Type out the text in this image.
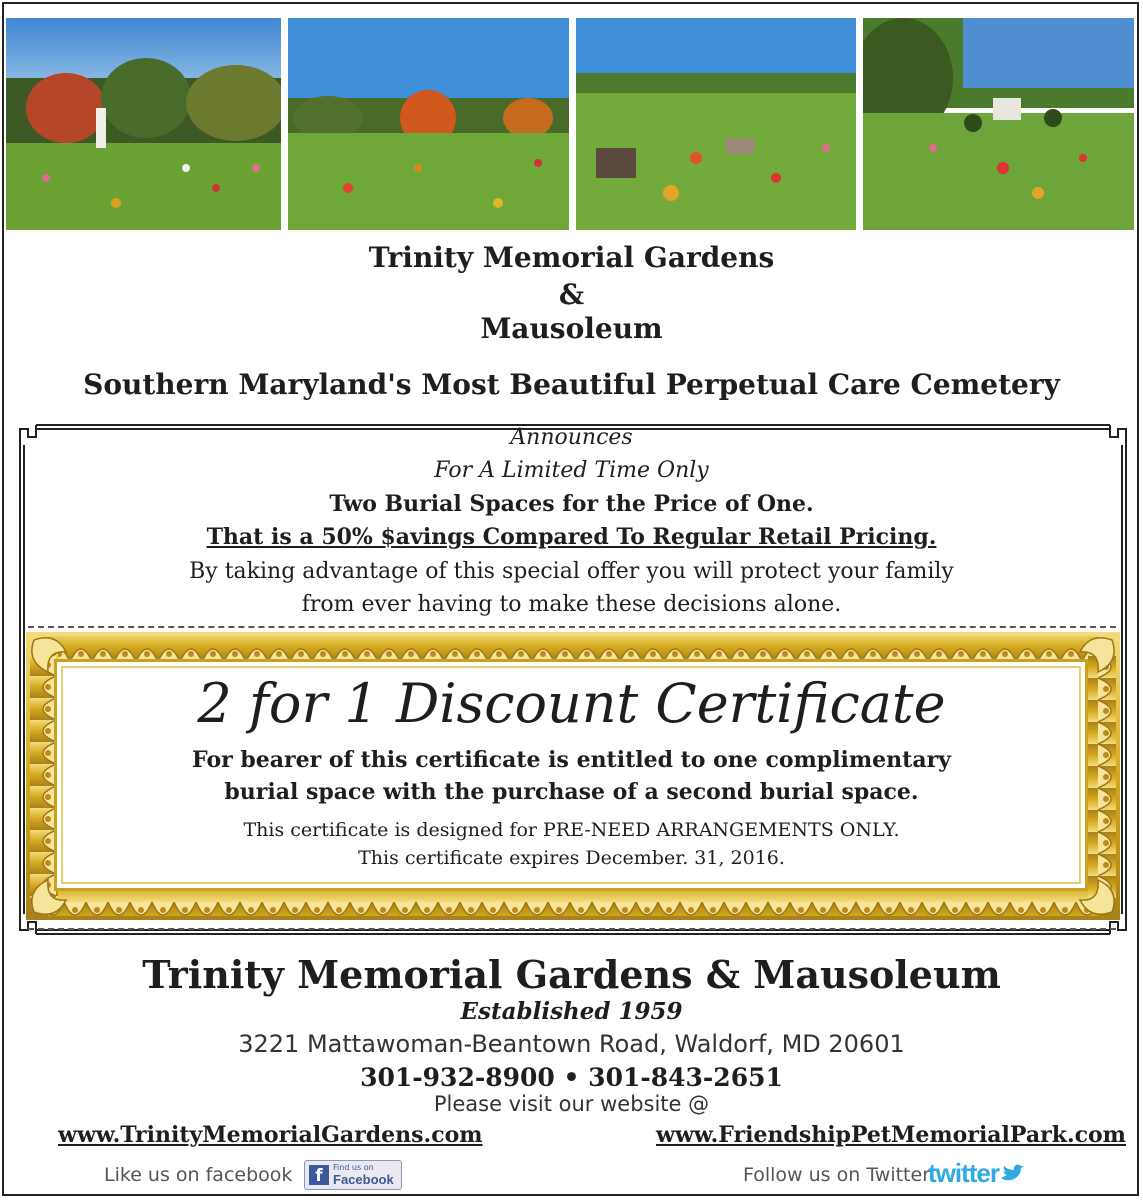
Trinity Memorial Gardens
&
Mausoleum
Southern Maryland's Most Beautiful Perpetual Care Cemetery
Announces
For A Limited Time Only
Two Burial Spaces for the Price of One.
That is a 50% $avings Compared To Regular Retail Pricing.
By taking advantage of this special offer you will protect your family
from ever having to make these decisions alone.
2 for 1 Discount Certificate
For bearer of this certificate is entitled to one complimentary
burial space with the purchase of a second burial space.
This certificate is designed for PRE-NEED ARRANGEMENTS ONLY.
This certificate expires December. 31, 2016.
Trinity Memorial Gardens & Mausoleum
Established 1959
3221 Mattawoman-Beantown Road, Waldorf, MD 20601
301-932-8900 • 301-843-2651
Please visit our website @
www.TrinityMemorialGardens.com	www.FriendshipPetMemorialPark.com
Like us on facebook	f	Find us on
Facebook	Follow us on Twitter
twitter
